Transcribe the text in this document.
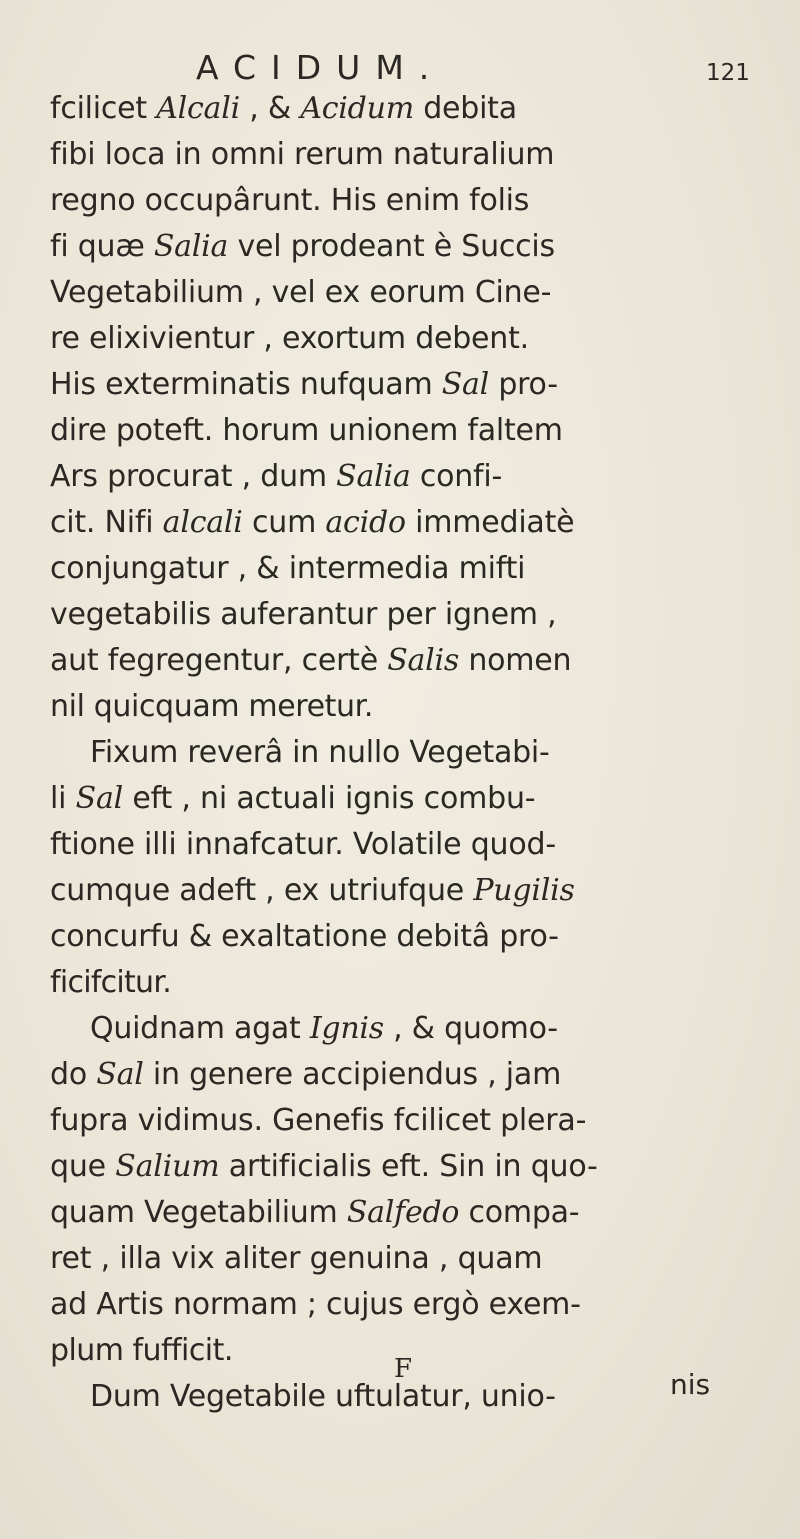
ACIDUM.	121
fcilicet Alcali , & Acidum debita
fibi loca in omni rerum naturalium
regno occupârunt. His enim folis
fi quæ Salia vel prodeant è Succis
Vegetabilium , vel ex eorum Cine-
re elixivientur , exortum debent.
His exterminatis nufquam Sal pro-
dire poteft. horum unionem faltem
Ars procurat , dum Salia confi-
cit. Nifi alcali cum acido immediatè
conjungatur , & intermedia mifti
vegetabilis auferantur per ignem ,
aut fegregentur, certè Salis nomen
nil quicquam meretur.
Fixum reverâ in nullo Vegetabi-
li Sal eft , ni actuali ignis combu-
ftione illi innafcatur. Volatile quod-
cumque adeft , ex utriufque Pugilis
concurfu & exaltatione debitâ pro-
ficifcitur.
Quidnam agat Ignis , & quomo-
do Sal in genere accipiendus , jam
fupra vidimus. Genefis fcilicet plera-
que Salium artificialis eft. Sin in quo-
quam Vegetabilium Salfedo compa-
ret , illa vix aliter genuina , quam
ad Artis normam ; cujus ergò exem-
plum fufficit.
Dum Vegetabile uftulatur, unio-
F	nis
